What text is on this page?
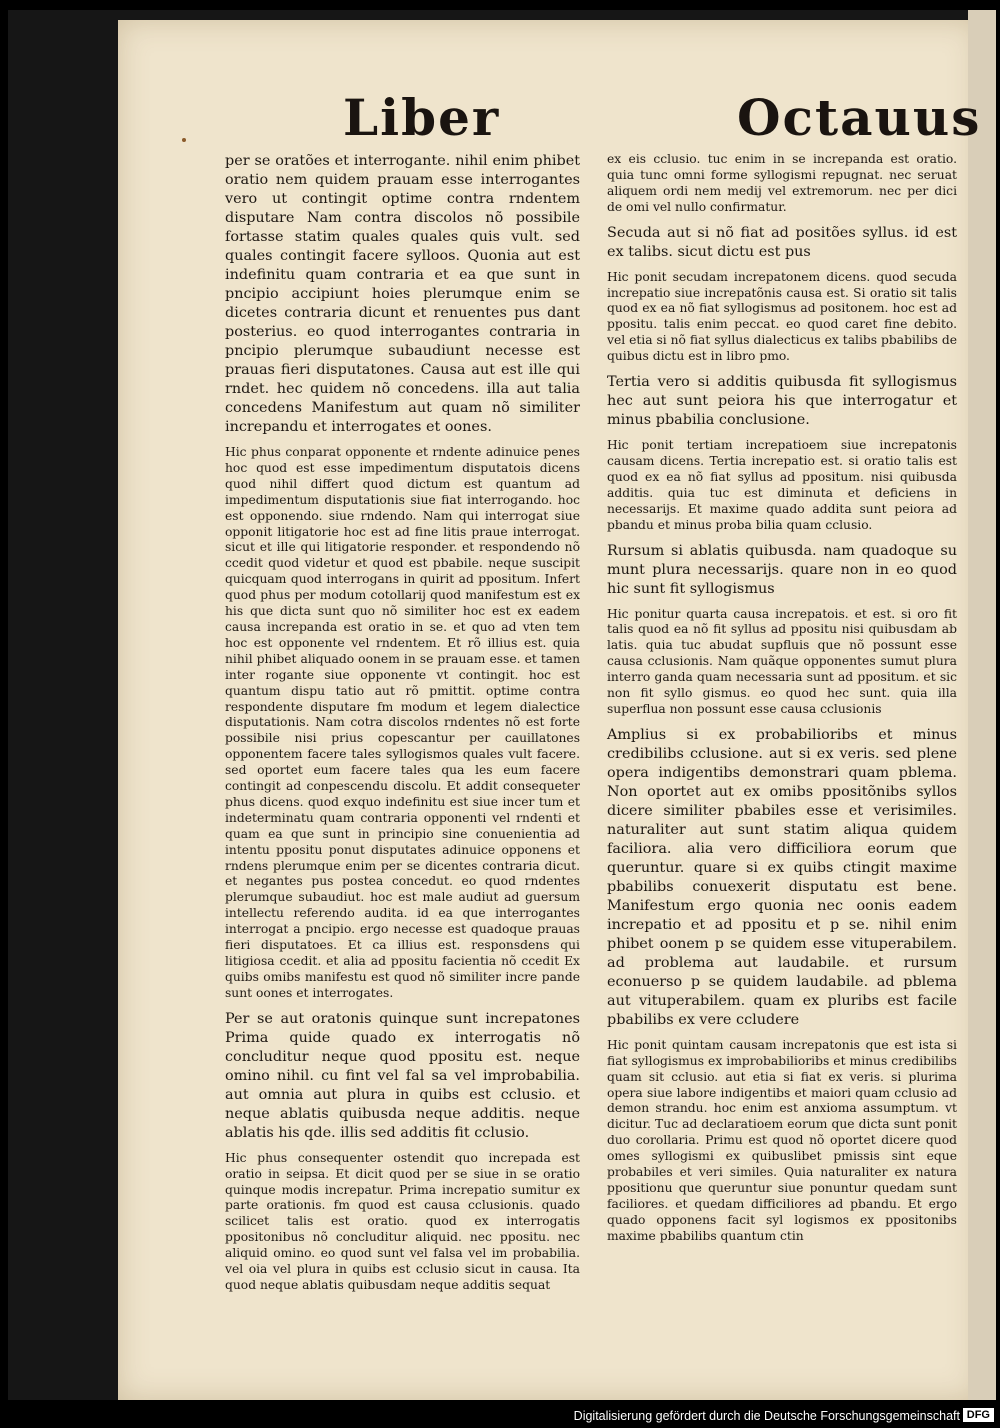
Liber	Octauus

per se oratões et interrogante. nihil enim phibet oratio nem quidem prauam esse interrogantes vero ut contingit optime contra rndentem disputare Nam contra discolos nõ possibile fortasse statim quales quales quis vult. sed quales contingit facere sylloos. Quonia aut est indefinitu quam contraria et ea que sunt in pncipio accipiunt hoies plerumque enim se dicetes contraria dicunt et renuentes pus dant posterius. eo quod interrogantes contraria in pncipio plerumque subaudiunt necesse est prauas fieri disputatones. Causa aut est ille qui rndet. hec quidem nõ concedens. illa aut talia concedens Manifestum aut quam nõ similiter increpandu et interrogates et oones.

Hic phus conparat opponente et rndente adinuice penes hoc quod est esse impedimentum disputatois dicens quod nihil differt quod dictum est quantum ad impedimentum disputationis siue fiat interrogando. hoc est opponendo. siue rndendo. Nam qui interrogat siue opponit litigatorie hoc est ad fine litis praue interrogat. sicut et ille qui litigatorie responder. et respondendo nõ ccedit quod videtur et quod est pbabile. neque suscipit quicquam quod interrogans in quirit ad ppositum. Infert quod phus per modum cotollarij quod manifestum est ex his que dicta sunt quo nõ similiter hoc est ex eadem causa increpanda est oratio in se. et quo ad vten tem hoc est opponente vel rndentem. Et rõ illius est. quia nihil phibet aliquado oonem in se prauam esse. et tamen inter rogante siue opponente vt contingit. hoc est quantum dispu tatio aut rõ pmittit. optime contra respondente disputare fm modum et legem dialectice disputationis. Nam cotra discolos rndentes nõ est forte possibile nisi prius copescantur per cauillatones opponentem facere tales syllogismos quales vult facere. sed oportet eum facere tales qua les eum facere contingit ad conpescendu discolu. Et addit consequeter phus dicens. quod exquo indefinitu est siue incer tum et indeterminatu quam contraria opponenti vel rndenti et quam ea que sunt in principio sine conuenientia ad intentu ppositu ponut disputates adinuice opponens et rndens plerumque enim per se dicentes contraria dicut. et negantes pus postea concedut. eo quod rndentes plerumque subaudiut. hoc est male audiut ad guersum intellectu referendo audita. id ea que interrogantes interrogat a pncipio. ergo necesse est quadoque prauas fieri disputatoes. Et ca illius est. responsdens qui litigiosa ccedit. et alia ad ppositu facientia nõ ccedit Ex quibs omibs manifestu est quod nõ similiter incre pande sunt oones et interrogates.

Per se aut oratonis quinque sunt increpatones Prima quide quado ex interrogatis nõ concluditur neque quod ppositu est. neque omino nihil. cu fint vel fal sa vel improbabilia. aut omnia aut plura in quibs est cclusio. et neque ablatis quibusda neque additis. neque ablatis his qde. illis sed additis fit cclusio.

Hic phus consequenter ostendit quo increpada est oratio in seipsa. Et dicit quod per se siue in se oratio quinque modis increpatur. Prima increpatio sumitur ex parte orationis. fm quod est causa cclusionis. quado scilicet talis est oratio. quod ex interrogatis ppositonibus nõ concluditur aliquid. nec ppositu. nec aliquid omino. eo quod sunt vel falsa vel im probabilia. vel oia vel plura in quibs est cclusio sicut in causa. Ita quod neque ablatis quibusdam neque additis sequat

ex eis cclusio. tuc enim in se increpanda est oratio. quia tunc omni forme syllogismi repugnat. nec seruat aliquem ordi nem medij vel extremorum. nec per dici de omi vel nullo confirmatur.

Secuda aut si nõ fiat ad positões syllus. id est ex talibs. sicut dictu est pus

Hic ponit secudam increpatonem dicens. quod secuda increpatio siue increpatõnis causa est. Si oratio sit talis quod ex ea nõ fiat syllogismus ad positonem. hoc est ad ppositu. talis enim peccat. eo quod caret fine debito. vel etia si nõ fiat syllus dialecticus ex talibs pbabilibs de quibus dictu est in libro pmo.

Tertia vero si additis quibusda fit syllogismus hec aut sunt peiora his que interrogatur et minus pbabilia conclusione.

Hic ponit tertiam increpatioem siue increpatonis causam dicens. Tertia increpatio est. si oratio talis est quod ex ea nõ fiat syllus ad ppositum. nisi quibusda additis. quia tuc est diminuta et deficiens in necessarijs. Et maxime quado addita sunt peiora ad pbandu et minus proba bilia quam cclusio.

Rursum si ablatis quibusda. nam quadoque su munt plura necessarijs. quare non in eo quod hic sunt fit syllogismus

Hic ponitur quarta causa increpatois. et est. si oro fit talis quod ea nõ fit syllus ad ppositu nisi quibusdam ab latis. quia tuc abudat supfluis que nõ possunt esse causa cclusionis. Nam quãque opponentes sumut plura interro ganda quam necessaria sunt ad ppositum. et sic non fit syllo gismus. eo quod hec sunt. quia illa superflua non possunt esse causa cclusionis

Amplius si ex probabilioribs et minus credibilibs cclusione. aut si ex veris. sed plene opera indigentibs demonstrari quam pblema. Non oportet aut ex omibs ppositõnibs syllos dicere similiter pbabiles esse et verisimiles. naturaliter aut sunt statim aliqua quidem faciliora. alia vero difficiliora eorum que queruntur. quare si ex quibs ctingit maxime pbabilibs conuexerit disputatu est bene. Manifestum ergo quonia nec oonis eadem increpatio et ad ppositu et p se. nihil enim phibet oonem p se quidem esse vituperabilem. ad problema aut laudabile. et rursum econuerso p se quidem laudabile. ad pblema aut vituperabilem. quam ex pluribs est facile pbabilibs ex vere ccludere

Hic ponit quintam causam increpatonis que est ista si fiat syllogismus ex improbabilioribs et minus credibilibs quam sit cclusio. aut etia si fiat ex veris. si plurima opera siue labore indigentibs et maiori quam cclusio ad demon strandu. hoc enim est anxioma assumptum. vt dicitur. Tuc ad declaratioem eorum que dicta sunt ponit duo corollaria. Primu est quod nõ oportet dicere quod omes syllogismi ex quibuslibet pmissis sint eque probabiles et veri similes. Quia naturaliter ex natura ppositionu que queruntur siue ponuntur quedam sunt faciliores. et quedam difficiliores ad pbandu. Et ergo quado opponens facit syl logismos ex ppositonibs maxime pbabilibs quantum ctin

Digitalisierung gefördert durch die Deutsche Forschungsgemeinschaft DFG
